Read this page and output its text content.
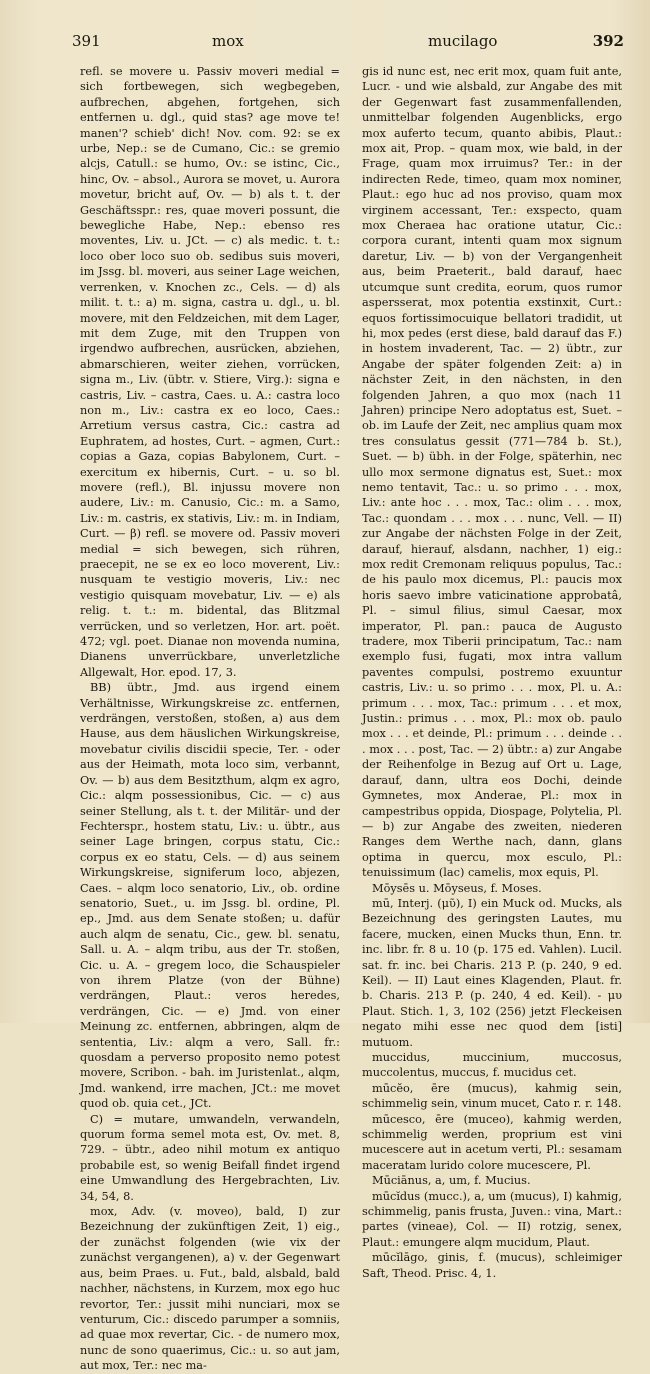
391	mox	mucilago	392

refl. se movere u. Passiv moveri medial = sich fortbewegen, sich wegbegeben, aufbrechen, abgehen, fortgehen, sich entfernen u. dgl., quid stas? age move te! manen'? schieb' dich! Nov. com. 92: se ex urbe, Nep.: se de Cumano, Cic.: se gremio alcjs, Catull.: se humo, Ov.: se istinc, Cic., hinc, Ov. – absol., Aurora se movet, u. Aurora movetur, bricht auf, Ov. — b) als t. t. der Geschäftsspr.: res, quae moveri possunt, die bewegliche Habe, Nep.: ebenso res moventes, Liv. u. JCt. — c) als medic. t. t.: loco ober loco suo ob. sedibus suis moveri, im Jssg. bl. moveri, aus seiner Lage weichen, verrenken, v. Knochen zc., Cels. — d) als milit. t. t.: a) m. signa, castra u. dgl., u. bl. movere, mit den Feldzeichen, mit dem Lager, mit dem Zuge, mit den Truppen von irgendwo aufbrechen, ausrücken, abziehen, abmarschieren, weiter ziehen, vorrücken, signa m., Liv. (übtr. v. Stiere, Virg.): signa e castris, Liv. – castra, Caes. u. A.: castra loco non m., Liv.: castra ex eo loco, Caes.: Arretium versus castra, Cic.: castra ad Euphratem, ad hostes, Curt. – agmen, Curt.: copias a Gaza, copias Babylonem, Curt. – exercitum ex hibernis, Curt. – u. so bl. movere (refl.), Bl. injussu movere non audere, Liv.: m. Canusio, Cic.: m. a Samo, Liv.: m. castris, ex stativis, Liv.: m. in Indiam, Curt. — β) refl. se movere od. Passiv moveri medial = sich bewegen, sich rühren, praecepit, ne se ex eo loco moverent, Liv.: nusquam te vestigio moveris, Liv.: nec vestigio quisquam movebatur, Liv. — e) als relig. t. t.: m. bidental, das Blitzmal verrücken, und so verletzen, Hor. art. poët. 472; vgl. poet. Dianae non movenda numina, Dianens unverrückbare, unverletzliche Allgewalt, Hor. epod. 17, 3.

BB) übtr., Jmd. aus irgend einem Verhältnisse, Wirkungskreise zc. entfernen, verdrängen, verstoßen, stoßen, a) aus dem Hause, aus dem häuslichen Wirkungskreise, movebatur civilis discidii specie, Ter. - oder aus der Heimath, mota loco sim, verbannt, Ov. — b) aus dem Besitzthum, alqm ex agro, Cic.: alqm possessionibus, Cic. — c) aus seiner Stellung, als t. t. der Militär- und der Fechterspr., hostem statu, Liv.: u. übtr., aus seiner Lage bringen, corpus statu, Cic.: corpus ex eo statu, Cels. — d) aus seinem Wirkungskreise, signiferum loco, abjezen, Caes. – alqm loco senatorio, Liv., ob. ordine senatorio, Suet., u. im Jssg. bl. ordine, Pl. ep., Jmd. aus dem Senate stoßen; u. dafür auch alqm de senatu, Cic., gew. bl. senatu, Sall. u. A. – alqm tribu, aus der Tr. stoßen, Cic. u. A. – gregem loco, die Schauspieler von ihrem Platze (von der Bühne) verdrängen, Plaut.: veros heredes, verdrängen, Cic. — e) Jmd. von einer Meinung zc. entfernen, abbringen, alqm de sententia, Liv.: alqm a vero, Sall. fr.: quosdam a perverso proposito nemo potest movere, Scribon. - bah. im Juristenlat., alqm, Jmd. wankend, irre machen, JCt.: me movet quod ob. quia cet., JCt.

C) = mutare, umwandeln, verwandeln, quorum forma semel mota est, Ov. met. 8, 729. – übtr., adeo nihil motum ex antiquo probabile est, so wenig Beifall findet irgend eine Umwandlung des Hergebrachten, Liv. 34, 54, 8.

mox, Adv. (v. moveo), bald, I) zur Bezeichnung der zukünftigen Zeit, 1) eig., der zunächst folgenden (wie vix der zunächst vergangenen), a) v. der Gegenwart aus, beim Praes. u. Fut., bald, alsbald, bald nachher, nächstens, in Kurzem, mox ego huc revortor, Ter.: jussit mihi nunciari, mox se venturum, Cic.: discedo parumper a somniis, ad quae mox revertar, Cic. - de numero mox, nunc de sono quaerimus, Cic.: u. so aut jam, aut mox, Ter.: nec ma-

gis id nunc est, nec erit mox, quam fuit ante, Lucr. - und wie alsbald, zur Angabe des mit der Gegenwart fast zusammenfallenden, unmittelbar folgenden Augenblicks, ergo mox auferto tecum, quanto abibis, Plaut.: mox ait, Prop. – quam mox, wie bald, in der Frage, quam mox irruimus? Ter.: in der indirecten Rede, timeo, quam mox nominer, Plaut.: ego huc ad nos proviso, quam mox virginem accessant, Ter.: exspecto, quam mox Cheraea hac oratione utatur, Cic.: corpora curant, intenti quam mox signum daretur, Liv. — b) von der Vergangenheit aus, beim Praeterit., bald darauf, haec utcumque sunt credita, eorum, quos rumor aspersserat, mox potentia exstinxit, Curt.: equos fortissimocuique bellatori tradidit, ut hi, mox pedes (erst diese, bald darauf das F.) in hostem invaderent, Tac. — 2) übtr., zur Angabe der später folgenden Zeit: a) in nächster Zeit, in den nächsten, in den folgenden Jahren, a quo mox (nach 11 Jahren) principe Nero adoptatus est, Suet. – ob. im Laufe der Zeit, nec amplius quam mox tres consulatus gessit (771—784 b. St.), Suet. — b) übh. in der Folge, späterhin, nec ullo mox sermone dignatus est, Suet.: mox nemo tentavit, Tac.: u. so primo . . . mox, Liv.: ante hoc . . . mox, Tac.: olim . . . mox, Tac.: quondam . . . mox . . . nunc, Vell. — II) zur Angabe der nächsten Folge in der Zeit, darauf, hierauf, alsdann, nachher, 1) eig.: mox redit Cremonam reliquus populus, Tac.: de his paulo mox dicemus, Pl.: paucis mox horis saevo imbre vaticinatione approbatâ, Pl. – simul filius, simul Caesar, mox imperator, Pl. pan.: pauca de Augusto tradere, mox Tiberii principatum, Tac.: nam exemplo fusi, fugati, mox intra vallum paventes compulsi, postremo exuuntur castris, Liv.: u. so primo . . . mox, Pl. u. A.: primum . . . mox, Tac.: primum . . . et mox, Justin.: primus . . . mox, Pl.: mox ob. paulo mox . . . et deinde, Pl.: primum . . . deinde . . . mox . . . post, Tac. — 2) übtr.: a) zur Angabe der Reihenfolge in Bezug auf Ort u. Lage, darauf, dann, ultra eos Dochi, deinde Gymnetes, mox Anderae, Pl.: mox in campestribus oppida, Diospage, Polytelia, Pl. — b) zur Angabe des zweiten, niederen Ranges dem Werthe nach, dann, glans optima in quercu, mox esculo, Pl.: tenuissimum (lac) camelis, mox equis, Pl.

Mōysēs u. Mōyseus, f. Moses.

mū, Interj. (μῦ), I) ein Muck od. Mucks, als Bezeichnung des geringsten Lautes, mu facere, mucken, einen Mucks thun, Enn. tr. inc. libr. fr. 8 u. 10 (p. 175 ed. Vahlen). Lucil. sat. fr. inc. bei Charis. 213 P. (p. 240, 9 ed. Keil). — II) Laut eines Klagenden, Plaut. fr. b. Charis. 213 P. (p. 240, 4 ed. Keil). - μυ Plaut. Stich. 1, 3, 102 (256) jetzt Fleckeisen negato mihi esse nec quod dem [isti] mutuom.

muccidus, muccinium, muccosus, muccolentus, muccus, f. mucidus cet.

mūcĕo, ēre (mucus), kahmig sein, schimmelig sein, vinum mucet, Cato r. r. 148.

mūcesco, ēre (muceo), kahmig werden, schimmelig werden, proprium est vini mucescere aut in acetum verti, Pl.: sesamam maceratam lurido colore mucescere, Pl.

Mūciānus, a, um, f. Mucius.

mūcĭdus (mucc.), a, um (mucus), I) kahmig, schimmelig, panis frusta, Juven.: vina, Mart.: partes (vineae), Col. — II) rotzig, senex, Plaut.: emungere alqm mucidum, Plaut.

mūcĭlāgo, ginis, f. (mucus), schleimiger Saft, Theod. Prisc. 4, 1.
